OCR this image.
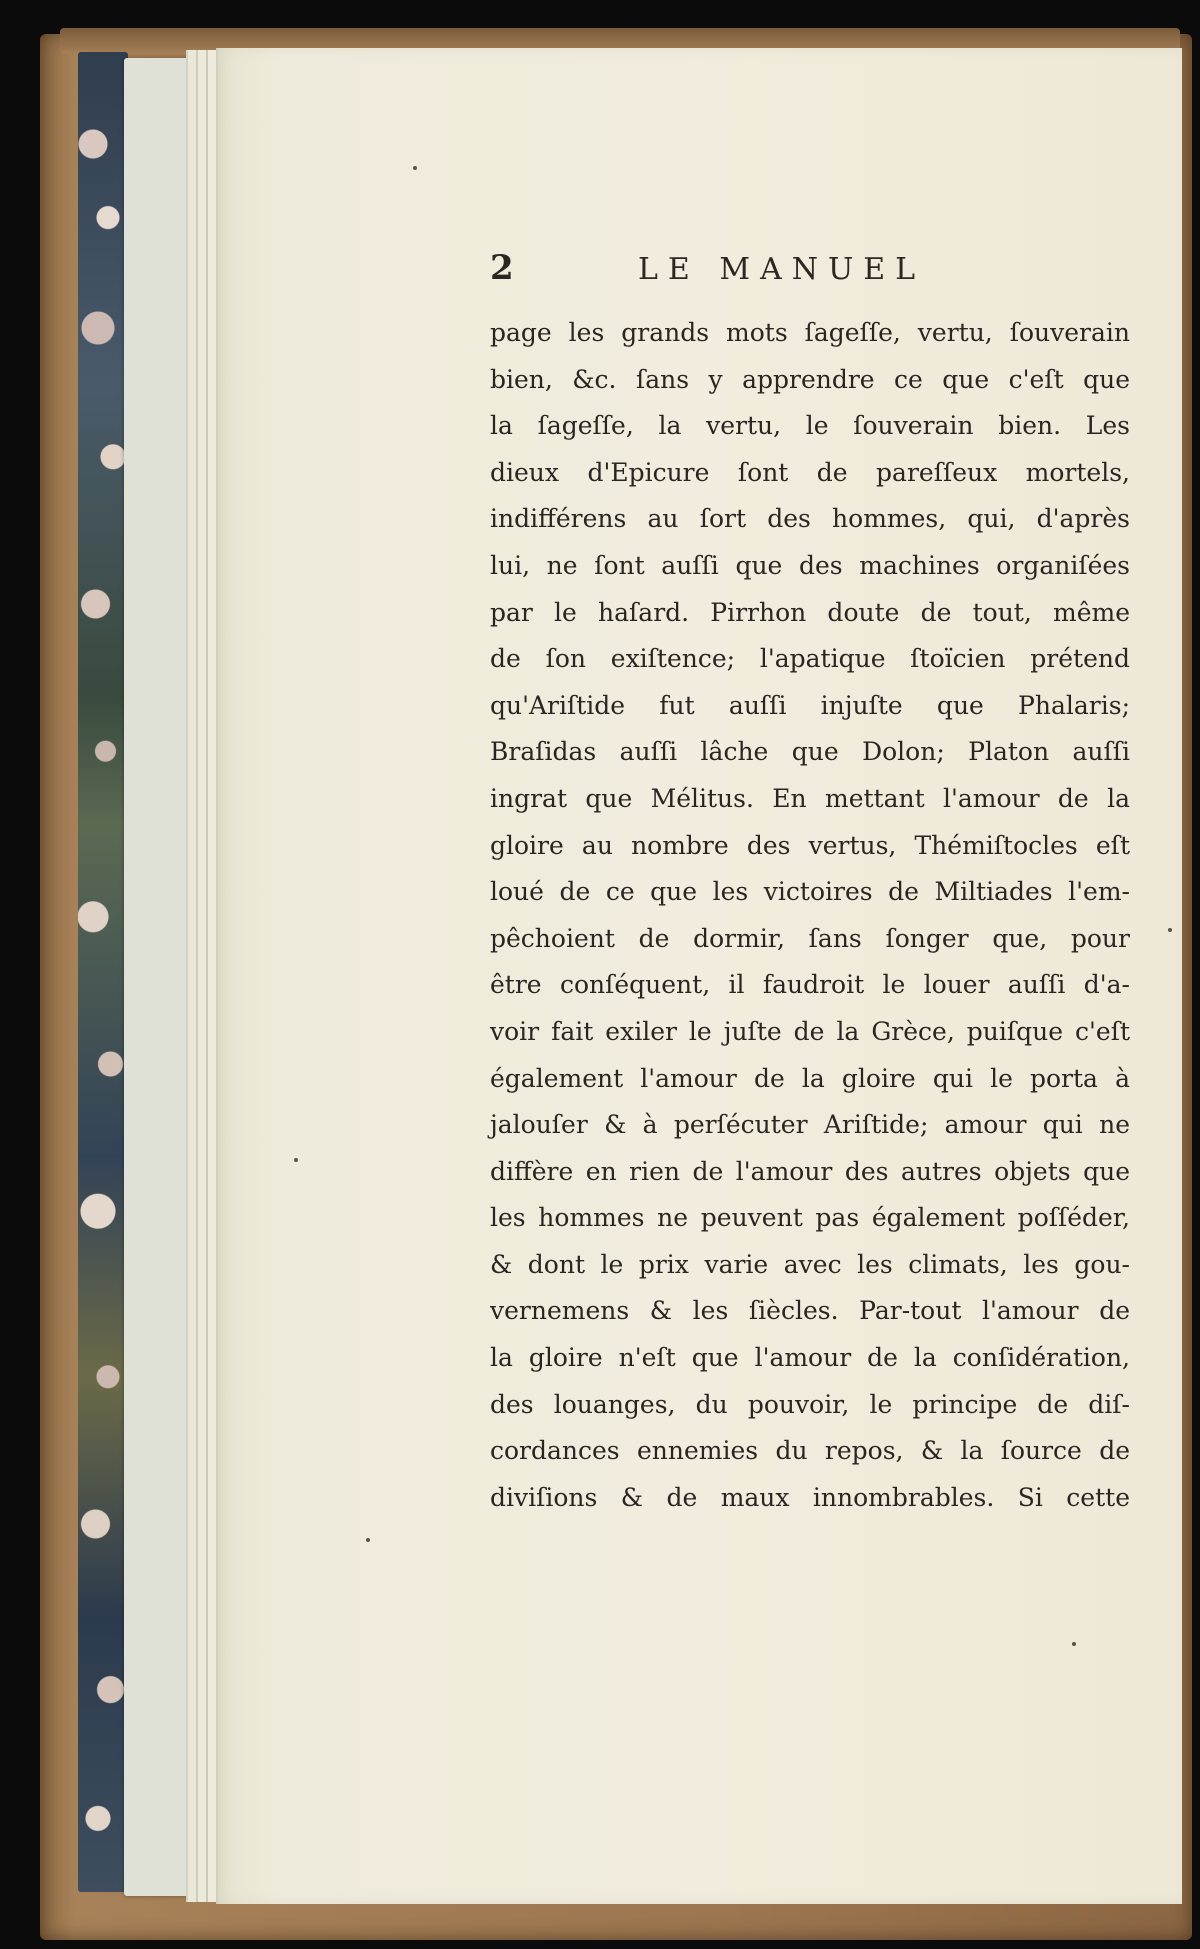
2	LE MANUEL
page les grands mots ſageſſe, vertu, ſouverain
bien, &c. ſans y apprendre ce que c'eſt que
la ſageſſe, la vertu, le ſouverain bien. Les
dieux d'Epicure ſont de pareſſeux mortels,
indifférens au ſort des hommes, qui, d'après
lui, ne ſont auſſi que des machines organiſées
par le haſard. Pirrhon doute de tout, même
de ſon exiſtence; l'apatique ſtoïcien prétend
qu'Ariſtide fut auſſi injuſte que Phalaris;
Braſidas auſſi lâche que Dolon; Platon auſſi
ingrat que Mélitus. En mettant l'amour de la
gloire au nombre des vertus, Thémiſtocles eſt
loué de ce que les victoires de Miltiades l'em-
pêchoient de dormir, ſans ſonger que, pour
être conſéquent, il faudroit le louer auſſi d'a-
voir fait exiler le juſte de la Grèce, puiſque c'eſt
également l'amour de la gloire qui le porta à
jalouſer & à perſécuter Ariſtide; amour qui ne
diffère en rien de l'amour des autres objets que
les hommes ne peuvent pas également poſſéder,
& dont le prix varie avec les climats, les gou-
vernemens & les ſiècles. Par-tout l'amour de
la gloire n'eſt que l'amour de la conſidération,
des louanges, du pouvoir, le principe de diſ-
cordances ennemies du repos, & la ſource de
diviſions & de maux innombrables. Si cette
